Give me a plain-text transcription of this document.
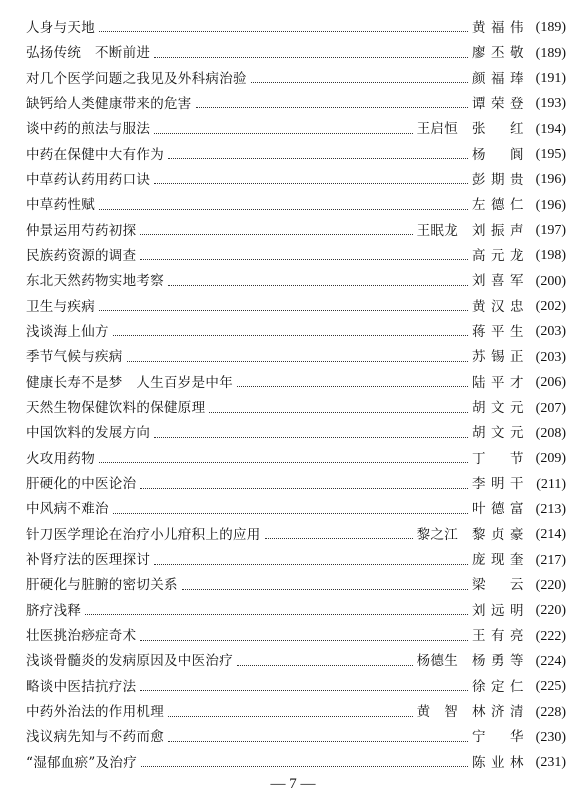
人身与天地	黄福伟 (189)
弘扬传统　不断前进	廖丕敬 (189)
对几个医学问题之我见及外科病治验	颜福琫 (191)
缺钙给人类健康带来的危害	谭荣登 (193)
谈中药的煎法与服法	王启恒 张　红 (194)
中药在保健中大有作为	杨　阆 (195)
中草药认药用药口诀	彭期贵 (196)
中草药性赋	左德仁 (196)
仲景运用芍药初探	王眠龙 刘振声 (197)
民族药资源的调查	高元龙 (198)
东北天然药物实地考察	刘喜军 (200)
卫生与疾病	黄汉忠 (202)
浅谈海上仙方	蒋平生 (203)
季节气候与疾病	苏锡正 (203)
健康长寿不是梦　人生百岁是中年	陆平才 (206)
天然生物保健饮料的保健原理	胡文元 (207)
中国饮料的发展方向	胡文元 (208)
火攻用药物	丁　节 (209)
肝硬化的中医论治	李明干 (211)
中风病不难治	叶德富 (213)
针刀医学理论在治疗小儿疳积上的应用	黎之江 黎贞豪 (214)
补肾疗法的医理探讨	庞现奎 (217)
肝硬化与脏腑的密切关系	梁　云 (220)
脐疗浅释	刘远明 (220)
壮医挑治痧症奇术	王有亮 (222)
浅谈骨髓炎的发病原因及中医治疗	杨德生 杨勇等 (224)
略谈中医拮抗疗法	徐定仁 (225)
中药外治法的作用机理	黄　智 林济清 (228)
浅议病先知与不药而愈	宁　华 (230)
“湿郁血瘀”及治疗	陈业林 (231)
— 7 —
